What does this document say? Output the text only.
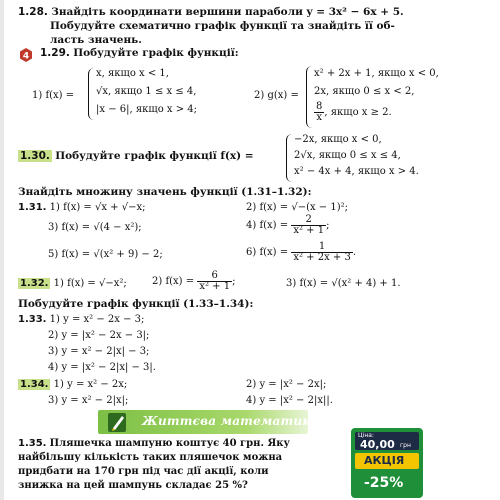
1.28. Знайдіть координати вершини параболи y = 3x² − 6x + 5.
Побудуйте схематично графік функції та знайдіть її об-
ласть значень.
4 1.29. Побудуйте графік функції:
1) f(x) =
x, якщо x < 1,
√x, якщо 1 ≤ x ≤ 4,
|x − 6|, якщо x > 4;
2) g(x) =
x² + 2x + 1, якщо x < 0,
2x, якщо 0 ≤ x < 2,
$\frac{8}{x}$ , якщо x ≥ 2.
1.30. Побудуйте графік функції f(x) =
−2x, якщо x < 0,
2√x, якщо 0 ≤ x ≤ 4,
x² − 4x + 4, якщо x > 4.
Знайдіть множину значень функції (1.31–1.32):
1.31. 1) f(x) = √x + √−x;	2) f(x) = √−(x − 1)²;
3) f(x) = √(4 − x²);	4) $f(x) = \frac{2}{\text{x² + 1}}$ ;
5) f(x) = √(x² + 9) − 2;	6) $f(x) = \frac{1}{\text{x² + 2x + 3}}$ .
1.32. 1) f(x) = √−x²;	2) $f(x) = \frac{6}{\text{x² + 1}}$ ;	3) f(x) = √(x² + 4) + 1.
Побудуйте графік функції (1.33–1.34):
1.33. 1) y = x² − 2x − 3;
2) y = |x² − 2x − 3|;
3) y = x² − 2|x| − 3;
4) y = |x² − 2|x| − 3|.
1.34. 1) y = x² − 2x;	2) y = |x² − 2x|;
3) y = x² − 2|x|;	4) y = |x² − 2|x||.
Життєва математика
1.35. Пляшечка шампуню коштує 40 грн. Яку
найбільшу кількість таких пляшечок можна
придбати на 170 грн під час дії акції, коли
знижка на цей шампунь складає 25 %?
Ціна:
40,00 грн
АКЦІЯ
-25%
